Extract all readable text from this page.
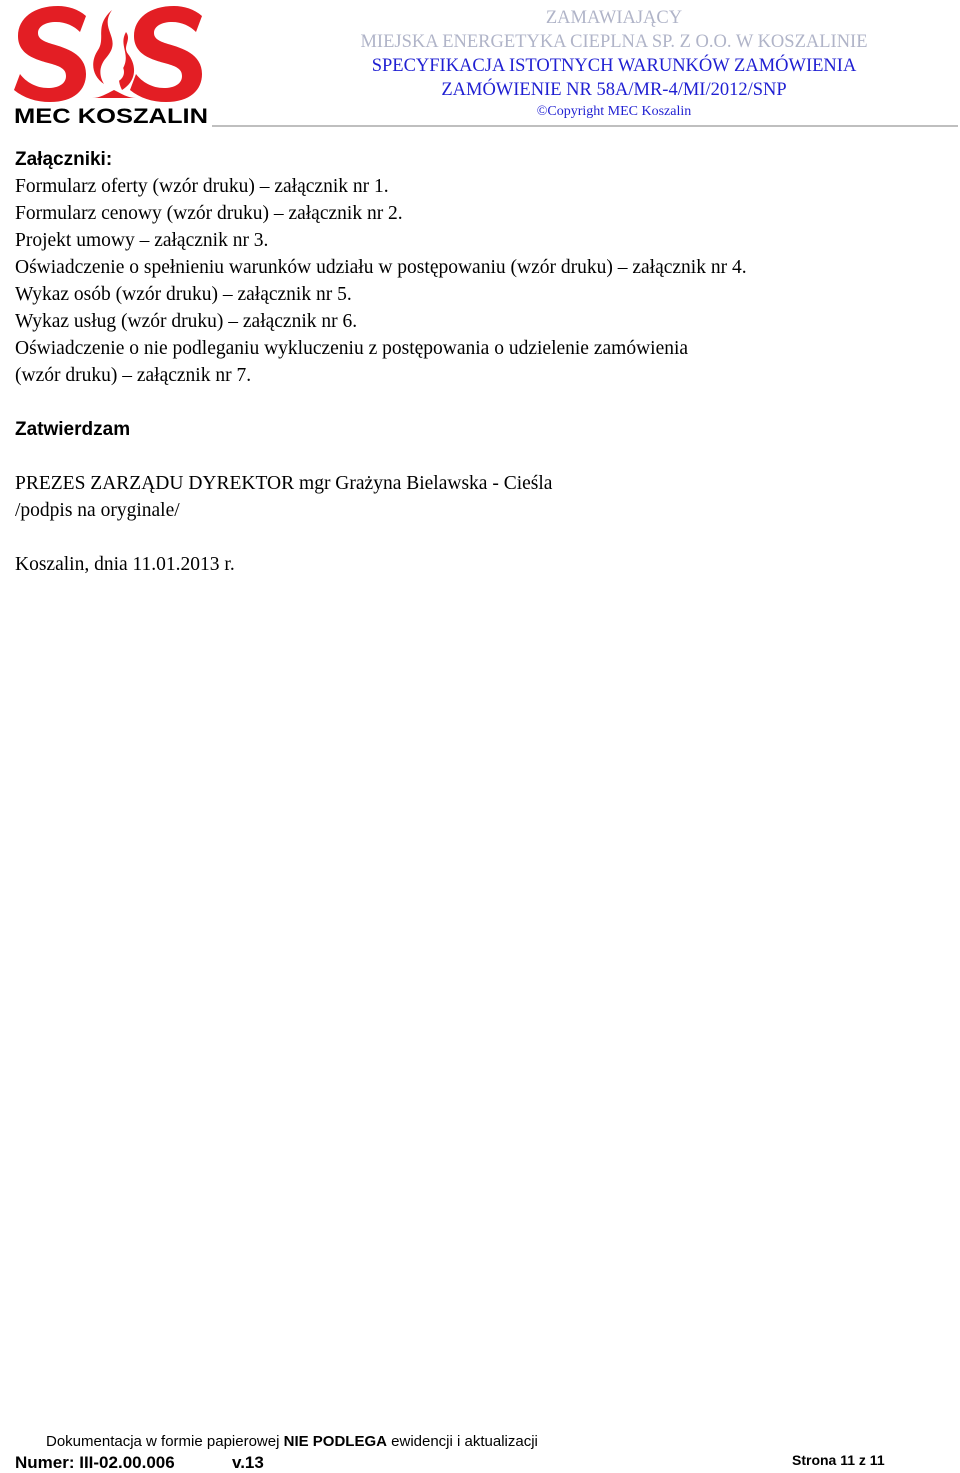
MEC KOSZALIN
ZAMAWIAJĄCY
MIEJSKA ENERGETYKA CIEPLNA SP. Z O.O. W KOSZALINIE
SPECYFIKACJA ISTOTNYCH WARUNKÓW ZAMÓWIENIA
ZAMÓWIENIE NR 58A/MR-4/MI/2012/SNP
©Copyright MEC Koszalin
Załączniki:
Formularz oferty (wzór druku) – załącznik nr 1.
Formularz cenowy (wzór druku) – załącznik nr 2.
Projekt umowy – załącznik nr 3.
Oświadczenie o spełnieniu warunków udziału w postępowaniu (wzór druku) – załącznik nr 4.
Wykaz osób (wzór druku) – załącznik nr 5.
Wykaz usług (wzór druku) – załącznik nr 6.
Oświadczenie o nie podleganiu wykluczeniu z postępowania o udzielenie zamówienia
(wzór druku) – załącznik nr 7.
Zatwierdzam
PREZES ZARZĄDU DYREKTOR mgr Grażyna Bielawska - Cieśla
/podpis na oryginale/
Koszalin, dnia 11.01.2013 r.
Dokumentacja w formie papierowej NIE PODLEGA ewidencji i aktualizacji
Numer: III-02.00.006	v.13	Strona 11 z 11
